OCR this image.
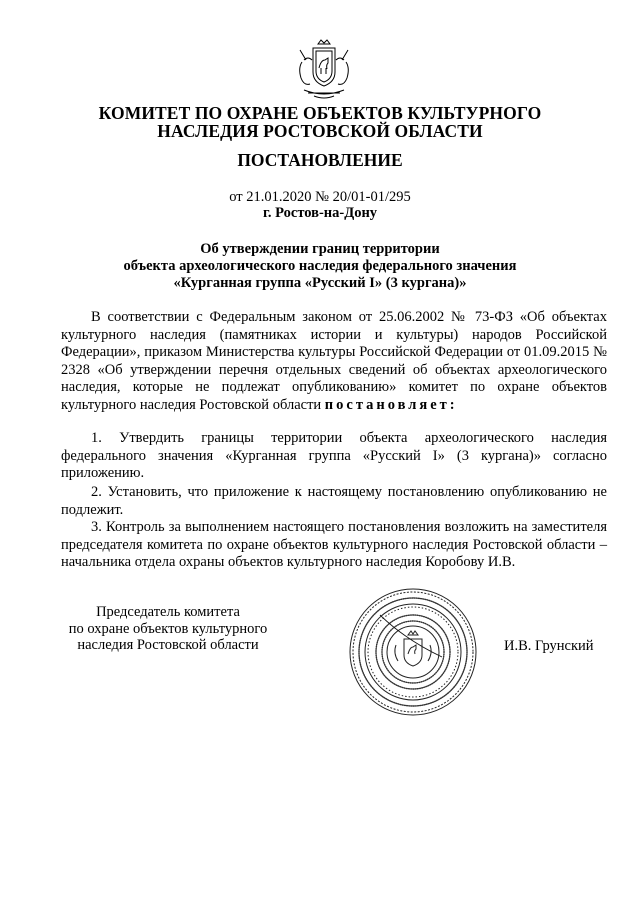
КОМИТЕТ ПО ОХРАНЕ ОБЪЕКТОВ КУЛЬТУРНОГО
НАСЛЕДИЯ РОСТОВСКОЙ ОБЛАСТИ
ПОСТАНОВЛЕНИЕ
от 21.01.2020 № 20/01-01/295
г. Ростов-на-Дону
Об утверждении границ территории
объекта археологического наследия федерального значения
«Курганная группа «Русский I» (3 кургана)»
В соответствии с Федеральным законом от 25.06.2002 № 73-ФЗ «Об объектах культурного наследия (памятниках истории и культуры) народов Российской Федерации», приказом Министерства культуры Российской Федерации от 01.09.2015 № 2328 «Об утверждении перечня отдельных сведений об объектах археологического наследия, которые не подлежат опубликованию» комитет по охране объектов культурного наследия Ростовской области постановляет:
1. Утвердить границы территории объекта археологического наследия федерального значения «Курганная группа «Русский I» (3 кургана)» согласно приложению.
2. Установить, что приложение к настоящему постановлению опубликованию не подлежит.
3. Контроль за выполнением настоящего постановления возложить на заместителя председателя комитета по охране объектов культурного наследия Ростовской области – начальника отдела охраны объектов культурного наследия Коробову И.В.
Председатель комитета
по охране объектов культурного
наследия Ростовской области	И.В. Грунский
